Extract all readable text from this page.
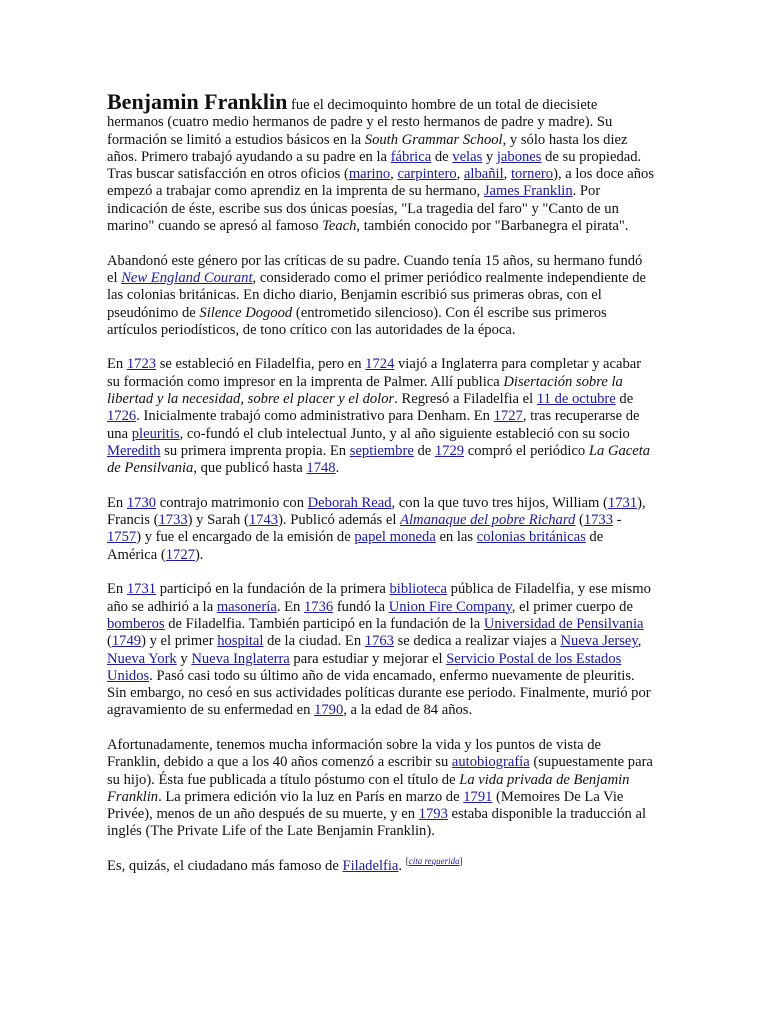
Benjamin Franklin fue el decimoquinto hombre de un total de diecisiete hermanos (cuatro medio hermanos de padre y el resto hermanos de padre y madre). Su formación se limitó a estudios básicos en la South Grammar School, y sólo hasta los diez años. Primero trabajó ayudando a su padre en la fábrica de velas y jabones de su propiedad. Tras buscar satisfacción en otros oficios (marino, carpintero, albañil, tornero), a los doce años empezó a trabajar como aprendiz en la imprenta de su hermano, James Franklin. Por indicación de éste, escribe sus dos únicas poesías, "La tragedia del faro" y "Canto de un marino" cuando se apresó al famoso Teach, también conocido por "Barbanegra el pirata".

Abandonó este género por las críticas de su padre. Cuando tenía 15 años, su hermano fundó el New England Courant, considerado como el primer periódico realmente independiente de las colonias británicas. En dicho diario, Benjamin escribió sus primeras obras, con el pseudónimo de Silence Dogood (entrometido silencioso). Con él escribe sus primeros artículos periodísticos, de tono crítico con las autoridades de la época.

En 1723 se estableció en Filadelfia, pero en 1724 viajó a Inglaterra para completar y acabar su formación como impresor en la imprenta de Palmer. Allí publica Disertación sobre la libertad y la necesidad, sobre el placer y el dolor. Regresó a Filadelfia el 11 de octubre de 1726. Inicialmente trabajó como administrativo para Denham. En 1727, tras recuperarse de una pleuritis, co-fundó el club intelectual Junto, y al año siguiente estableció con su socio Meredith su primera imprenta propia. En septiembre de 1729 compró el periódico La Gaceta de Pensilvania, que publicó hasta 1748.

En 1730 contrajo matrimonio con Deborah Read, con la que tuvo tres hijos, William (1731), Francis (1733) y Sarah (1743). Publicó además el Almanaque del pobre Richard (1733 - 1757) y fue el encargado de la emisión de papel moneda en las colonias británicas de América (1727).

En 1731 participó en la fundación de la primera biblioteca pública de Filadelfia, y ese mismo año se adhirió a la masonería. En 1736 fundó la Union Fire Company, el primer cuerpo de bomberos de Filadelfia. También participó en la fundación de la Universidad de Pensilvania (1749) y el primer hospital de la ciudad. En 1763 se dedica a realizar viajes a Nueva Jersey, Nueva York y Nueva Inglaterra para estudiar y mejorar el Servicio Postal de los Estados Unidos. Pasó casi todo su último año de vida encamado, enfermo nuevamente de pleuritis. Sin embargo, no cesó en sus actividades políticas durante ese periodo. Finalmente, murió por agravamiento de su enfermedad en 1790, a la edad de 84 años.

Afortunadamente, tenemos mucha información sobre la vida y los puntos de vista de Franklin, debido a que a los 40 años comenzó a escribir su autobiografía (supuestamente para su hijo). Ésta fue publicada a título póstumo con el título de La vida privada de Benjamin Franklin. La primera edición vio la luz en París en marzo de 1791 (Memoires De La Vie Privée), menos de un año después de su muerte, y en 1793 estaba disponible la traducción al inglés (The Private Life of the Late Benjamin Franklin).

Es, quizás, el ciudadano más famoso de Filadelfia. [cita requerida]
